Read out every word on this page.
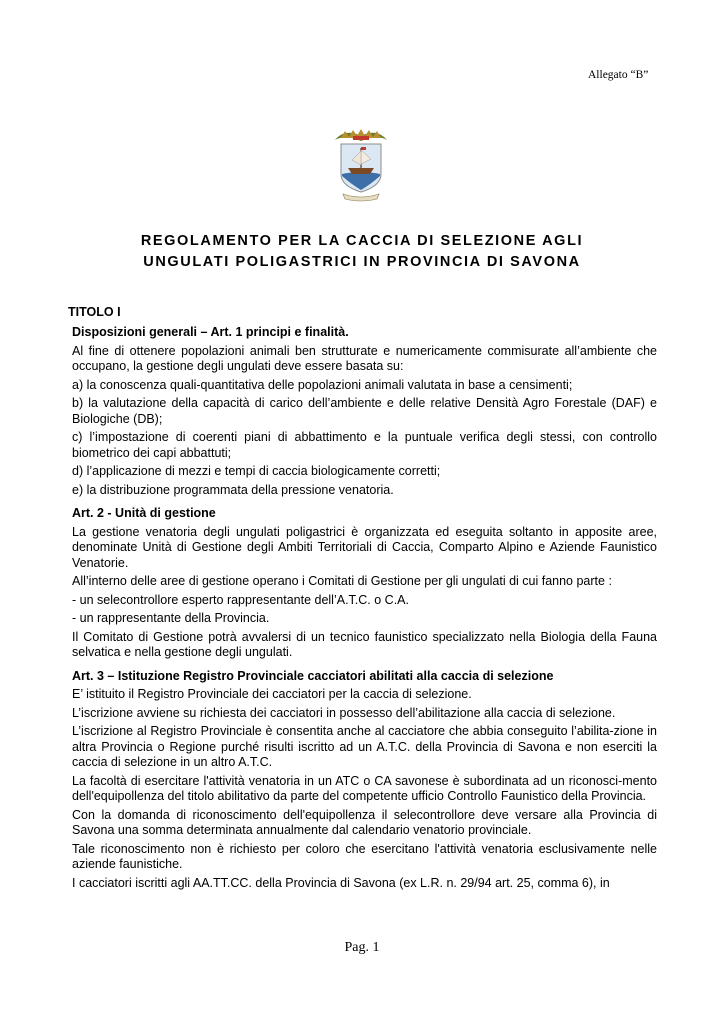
Allegato “B”
REGOLAMENTO PER LA CACCIA DI SELEZIONE AGLI
UNGULATI POLIGASTRICI IN PROVINCIA DI SAVONA
TITOLO I
Disposizioni generali – Art. 1 principi e finalità.

Al fine di ottenere popolazioni animali ben strutturate e numericamente commisurate all’ambiente che occupano, la gestione degli ungulati deve essere basata su:

a) la conoscenza quali-quantitativa delle popolazioni animali valutata in base a censimenti;

b) la valutazione della capacità di carico dell’ambiente e delle relative Densità Agro Forestale (DAF) e Biologiche (DB);

c) l’impostazione di coerenti piani di abbattimento e la puntuale verifica degli stessi, con controllo biometrico dei capi abbattuti;

d) l’applicazione di mezzi e tempi di caccia biologicamente corretti;

e) la distribuzione programmata della pressione venatoria.

Art. 2 - Unità di gestione

La gestione venatoria degli ungulati poligastrici è organizzata ed eseguita soltanto in apposite aree, denominate Unità di Gestione degli Ambiti Territoriali di Caccia, Comparto Alpino e Aziende Faunistico Venatorie.

All’interno delle aree di gestione operano i Comitati di Gestione per gli ungulati di cui fanno parte :

- un selecontrollore esperto rappresentante dell’A.T.C. o C.A.

- un rappresentante della Provincia.

Il Comitato di Gestione potrà avvalersi di un tecnico faunistico specializzato nella Biologia della Fauna selvatica e nella gestione degli ungulati.

Art. 3 – Istituzione Registro Provinciale cacciatori abilitati alla caccia di selezione

E’ istituito il Registro Provinciale dei cacciatori per la caccia di selezione.

L’iscrizione avviene su richiesta dei cacciatori in possesso dell’abilitazione alla caccia di selezione.

L’iscrizione al Registro Provinciale è consentita anche al cacciatore che abbia conseguito l’abilita-zione in altra Provincia o Regione purché risulti iscritto ad un A.T.C. della Provincia di Savona e non eserciti la caccia di selezione in un altro A.T.C.

La facoltà di esercitare l'attività venatoria in un ATC o CA savonese è subordinata ad un riconosci-mento dell'equipollenza del titolo abilitativo da parte del competente ufficio Controllo Faunistico della Provincia.

Con la domanda di riconoscimento dell'equipollenza il selecontrollore deve versare alla Provincia di Savona una somma determinata annualmente dal calendario venatorio provinciale.

Tale riconoscimento non è richiesto per coloro che esercitano l'attività venatoria esclusivamente nelle aziende faunistiche.

I cacciatori iscritti agli AA.TT.CC. della Provincia di Savona (ex L.R. n. 29/94 art. 25, comma 6), in

Pag. 1
